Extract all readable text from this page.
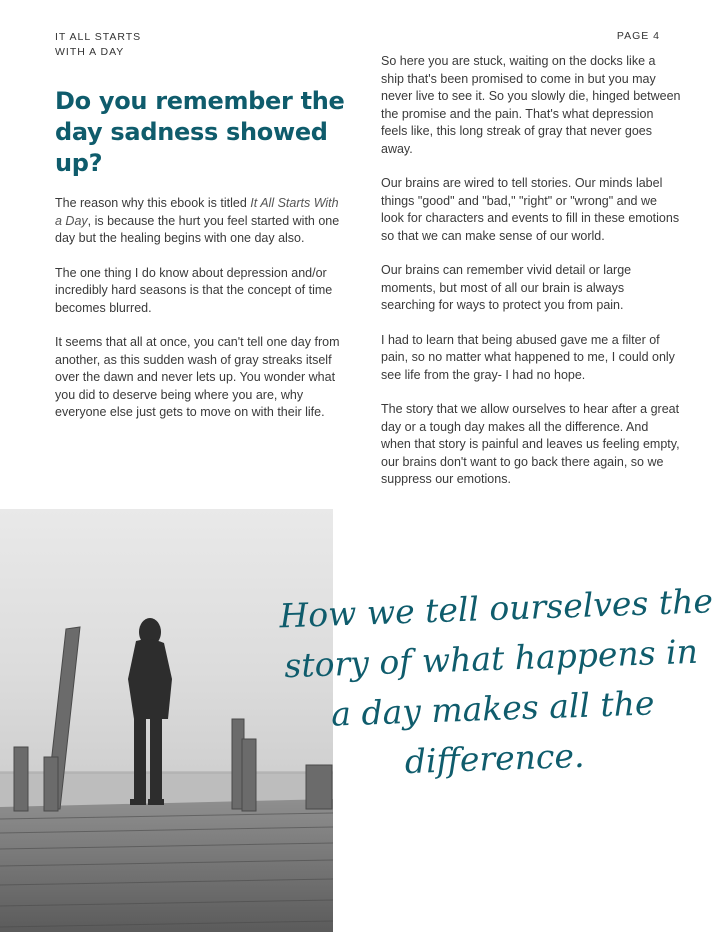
IT ALL STARTS
WITH A DAY
PAGE 4
Do you remember the day sadness showed up?

The reason why this ebook is titled It All Starts With a Day, is because the hurt you feel started with one day but the healing begins with one day also.

The one thing I do know about depression and/or incredibly hard seasons is that the concept of time becomes blurred.

It seems that all at once, you can't tell one day from another, as this sudden wash of gray streaks itself over the dawn and never lets up. You wonder what you did to deserve being where you are, why everyone else just gets to move on with their life.

So here you are stuck, waiting on the docks like a ship that's been promised to come in but you may never live to see it. So you slowly die, hinged between the promise and the pain. That's what depression feels like, this long streak of gray that never goes away.

Our brains are wired to tell stories. Our minds label things "good" and "bad," "right" or "wrong" and we look for characters and events to fill in these emotions so that we can make sense of our world.

Our brains can remember vivid detail or large moments, but most of all our brain is always searching for ways to protect you from pain.

I had to learn that being abused gave me a filter of pain, so no matter what happened to me, I could only see life from the gray- I had no hope.

The story that we allow ourselves to hear after a great day or a tough day makes all the difference. And when that story is painful and leaves us feeling empty, our brains don't want to go back there again, so we suppress our emotions.

How we tell ourselves the
story of what happens in
a day makes all the
difference.
